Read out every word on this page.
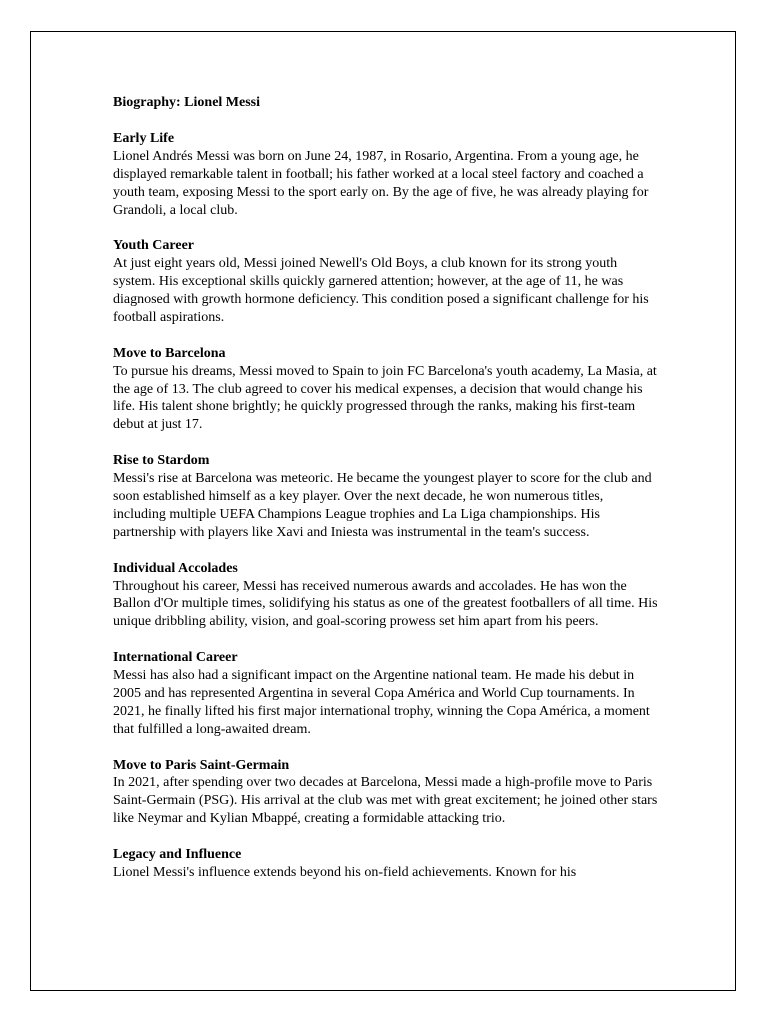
Biography: Lionel Messi

Early Life

Lionel Andrés Messi was born on June 24, 1987, in Rosario, Argentina. From a young age, he displayed remarkable talent in football; his father worked at a local steel factory and coached a youth team, exposing Messi to the sport early on. By the age of five, he was already playing for Grandoli, a local club.

Youth Career

At just eight years old, Messi joined Newell's Old Boys, a club known for its strong youth system. His exceptional skills quickly garnered attention; however, at the age of 11, he was diagnosed with growth hormone deficiency. This condition posed a significant challenge for his football aspirations.

Move to Barcelona

To pursue his dreams, Messi moved to Spain to join FC Barcelona's youth academy, La Masia, at the age of 13. The club agreed to cover his medical expenses, a decision that would change his life. His talent shone brightly; he quickly progressed through the ranks, making his first-team debut at just 17.

Rise to Stardom

Messi's rise at Barcelona was meteoric. He became the youngest player to score for the club and soon established himself as a key player. Over the next decade, he won numerous titles, including multiple UEFA Champions League trophies and La Liga championships. His partnership with players like Xavi and Iniesta was instrumental in the team's success.

Individual Accolades

Throughout his career, Messi has received numerous awards and accolades. He has won the Ballon d'Or multiple times, solidifying his status as one of the greatest footballers of all time. His unique dribbling ability, vision, and goal-scoring prowess set him apart from his peers.

International Career

Messi has also had a significant impact on the Argentine national team. He made his debut in 2005 and has represented Argentina in several Copa América and World Cup tournaments. In 2021, he finally lifted his first major international trophy, winning the Copa América, a moment that fulfilled a long-awaited dream.

Move to Paris Saint-Germain

In 2021, after spending over two decades at Barcelona, Messi made a high-profile move to Paris Saint-Germain (PSG). His arrival at the club was met with great excitement; he joined other stars like Neymar and Kylian Mbappé, creating a formidable attacking trio.

Legacy and Influence

Lionel Messi's influence extends beyond his on-field achievements. Known for his
